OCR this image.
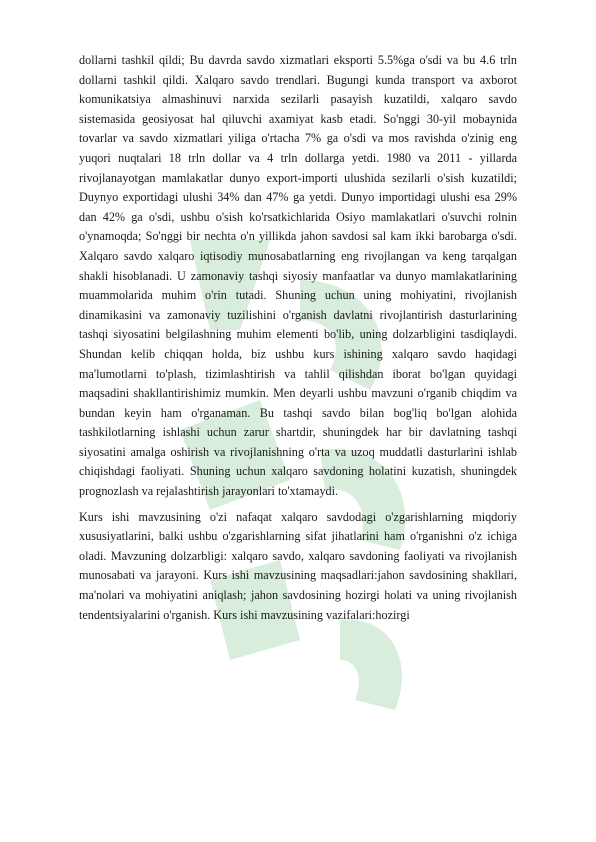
dollarni tashkil qildi; Bu davrda savdo xizmatlari eksporti 5.5%ga o'sdi va bu 4.6 trln dollarni tashkil qildi. Xalqaro savdo trendlari. Bugungi kunda transport va axborot komunikatsiya almashinuvi narxida sezilarli pasayish kuzatildi, xalqaro savdo sistemasida geosiyosat hal qiluvchi axamiyat kasb etadi. So'nggi 30-yil mobaynida tovarlar va savdo xizmatlari yiliga o'rtacha 7% ga o'sdi va mos ravishda o'zinig eng yuqori nuqtalari 18 trln dollar va 4 trln dollarga yetdi. 1980 va 2011 - yillarda rivojlanayotgan mamlakatlar dunyo export-importi ulushida sezilarli o'sish kuzatildi; Duynyo exportidagi ulushi 34% dan 47% ga yetdi. Dunyo importidagi ulushi esa 29% dan 42% ga o'sdi, ushbu o'sish ko'rsatkichlarida Osiyo mamlakatlari o'suvchi rolnin o'ynamoqda; So'nggi bir nechta o'n yillikda jahon savdosi sal kam ikki barobarga o'sdi. Xalqaro savdo xalqaro iqtisodiy munosabatlarning eng rivojlangan va keng tarqalgan shakli hisoblanadi. U zamonaviy tashqi siyosiy manfaatlar va dunyo mamlakatlarining muammolarida muhim o'rin tutadi. Shuning uchun uning mohiyatini, rivojlanish dinamikasini va zamonaviy tuzilishini o'rganish davlatni rivojlantirish dasturlarining tashqi siyosatini belgilashning muhim elementi bo'lib, uning dolzarbligini tasdiqlaydi. Shundan kelib chiqqan holda, biz ushbu kurs ishining xalqaro savdo haqidagi ma'lumotlarni to'plash, tizimlashtirish va tahlil qilishdan iborat bo'lgan quyidagi maqsadini shakllantirishimiz mumkin. Men deyarli ushbu mavzuni o'rganib chiqdim va bundan keyin ham o'rganaman. Bu tashqi savdo bilan bog'liq bo'lgan alohida tashkilotlarning ishlashi uchun zarur shartdir, shuningdek har bir davlatning tashqi siyosatini amalga oshirish va rivojlanishning o'rta va uzoq muddatli dasturlarini ishlab chiqishdagi faoliyati. Shuning uchun xalqaro savdoning holatini kuzatish, shuningdek prognozlash va rejalashtirish jarayonlari to'xtamaydi.

Kurs ishi mavzusining o'zi nafaqat xalqaro savdodagi o'zgarishlarning miqdoriy xususiyatlarini, balki ushbu o'zgarishlarning sifat jihatlarini ham o'rganishni o'z ichiga oladi. Mavzuning dolzarbligi: xalqaro savdo, xalqaro savdoning faoliyati va rivojlanish munosabati va jarayoni. Kurs ishi mavzusining maqsadlari:jahon savdosining shakllari, ma'nolari va mohiyatini aniqlash; jahon savdosining hozirgi holati va uning rivojlanish tendentsiyalarini o'rganish. Kurs ishi mavzusining vazifalari:hozirgi
